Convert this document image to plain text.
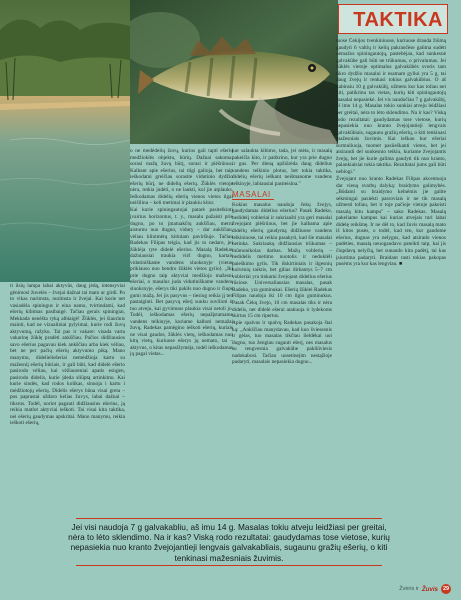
TAKTIKA

ti ilsių lampa labai aktyvūs, daug jėdą, intensyviai gėnimosi žuvelės – žvejai dažnai tai mato ar girdi. Po to vikas nurimsta, nurimsta ir žvejai. Kai kurie net vasiadėla spiningus ir eina namo, tvirtindami, kad ešerių kibimas pasibaigė. Tačiau gerais spiningiai, Mekkada nenėšta ryką albiaigė! Žūklės, jei šiaurinis mainit, kad ne vizualiniai pylyimai, kurie rodi žuvų aktyvumą, ražyku. Tai pas ir vakare: visada varta vakarinę žūklę pradėti ankščiau. Pačios didžiausios savo ešerius pagavau kiek ankščiau arba kiek vėliau, bet ne per pačių ešerių aktyvumo piką. Mano manymu, didelieliešeriai nemėdžioja kartu su mažesniį ešerių būriais, ir gali būti, kad didelė ešerio pasirodo vėliau, kai vėžiaureniai apatis esiųjen, pasirodo didelis, kurie įdeda sliūptą artinkimu. Kai kurie sindės, kad rodos kolikas, sinuoja i kartu i mėdžiotojų ešerių. Didelis ešerys būna visai greta – pos paprastai uždaro kelias žuvys, labai dažnai – tiksrus. Todėl, norint pagauti didžiausius ešerius, ją reikia matlot aktyviai ieškoti. Tai visai kita taktika, nei ešerių gaudymas apskritai. Mano manymu, reikia ieškoti ešerių,

o ne medėdelių žuvų, kurios gali tapti ešerių medžioklės objektu, būrių. Dažnai sakoma: sorasi mažų žuvų būrį, sorasi ir plėšrūnus. Kalbant apie ešerius, tai tiigi galioja, bet taip ieškodami greičiau sorasite vidutinio dydžio ešerių būrį, ne didelių ešerių. Žūklės vietoje nėra, reikia judėti, o ne laukti, kol jie atplauks. Ieškodamas didelių ešerių vienos vietos ilgai neišilinu – keli metimai ir plaukiu kitur.

Kai kurie spiningautojai patarė pasitelkinti įvairius horizontus, t. y., masalu pažaisti prie dugno, po to įmatuakčių aukščiau, metru aisturnu nuo dugno, vidury – dar aukščiau, vėliau klinimėtų kitiniam paviršiuje. Tačiau Radekas Filipas teigia, kad jis to nedaro, jei žūklėja ryte didelė ešerius. Masalą Radekas dažniausiai traukia virš dugno, kartais vidutiniškame vandens sluoksnyje (vietas priklauso nuo bendro žūklės vietos gylio). „Iki prie dugno taip aktyviai medžioja mažesni ešeriai, o masalus juda vidutiniškame vandens sluoksnyje, ešerys tiki pakils nuo dugno ir čiups gumi mažą. Jei jis pasyvus – tiesiog reikia jį ten pastaiginti. Bet pasyvų ešerį sunku suvilioti ir tuo atveju, kai gyvimuos plaukia visai netoli jo. Todėl, ieškodamas ešerių nepažįstamame vandens telkinyje, kuriame kalboti nemažai žuvų, Radekas pamėgino ieškoti ešerių, kuriais ne visai gaudos, žūklės vietų, ieškodamas nuo kitų vietų, kuriuose ešerys jų nemato, tai – aktyvus, o kitas nepasižymėja, todėl ieškodamas jų pagal vietas...

kur salaukta kibimo, tada, jei mėta, ir masalą pakeičia kito, ir patikrino, kur yra prie dugno ir gus. Per dieną apžiūrėda daug didelius vandens telkinio plotus, bet tokia taktika, didelių ešerių ieškant neišmanome vandens telkinyje, labiausiai pasiteisina."

MASALAI

Kokius masalus naudoja čekų žvejys, gaudydamas didelius ešerius? Pasak Radeko, nedidelį vobleriai ir sukriaušti yra geri masalai žvejojant plėšrūnus, bet jie kalbama apie didelių ešerių gaudymą didžiuose vandens telkiniuose, tai reikia pasakyti, kad šie masalai netinka. Sukriaukų didžiausias trūkumas – mūmonikolas darbas. Mažų voblerių – nedidelis metimo nuotolis ir neduklėli paieškimo gylis. Tik išskirtiniais ir ilgesnių kolvėnių taiktis, bet gilias dirbantys 5–7 cm vobleriai yra tinkami žvejojant didelius ešerius rūsiose. Universaliausias masalas, pasak Radeko, yra guminukai. Ešerių žūklei Radekas Filipas naudoja iki 10 cm ilgio guminukus. Pasak Čekų žvejo, 10 cm masalas tiks ir nėra didelis, net didelė ešerai atakuoja ir lydekoms skirtus 15 cm ripertus.

Apie spalvas ir spalvų Radekas pasakoja štai ką: „Ankščiau manydavau, kad kuo šviesesnis ir gėlas, tuo masalas tikčiau lieldėkai uoi dugno, tuo žengiau sugauti ešerį, nes masalus su tengvesnia galvakūbe pakliūviesis nadokabosi. Tačiau uosetinejim nestąžioje padaryti, masalais nepasiekia dugno...

tuose Čekijos tvenkiniuose, kuriuose drauda žiūmą gaudyti 6 valtių ir kelių pakrančėse galima sudėti nėmažus spiningautojų, pastebėjau, kad sunkesnė galvakūbe gali būti ne trūkumas, o privalumas. Jei žūklės vietoje optimalus galvakūbės svoris tam tikro dydžio masalui ir esamam gyliui yra 5 g, tai daug žvejų ir renkasi tokius galvakūbius. O aš kabinsiu 10 g galvakūbį, užmetu kur kas toliau nei kiti, patikrinu tas vietas, kurių kiti spiningautojų masalai nepasiekė. Jei vis naudočiau 7 g galvakūbį, aš imu 14 g. Masalas tokio sunkiai atveju leidžiasi per greitai, nėra to lėto sklendimo. Na ir kas? Viską rodo rezultatai: gaudydamas tose vietose, kurių nepasiekia nuo kranto žvejojantieji lengvais galvakūbiais, sugaunu gražių ešerių, o kiti tenkinasi mažesniais žuvimis. Kai ieškau kur ešeriai šurmuliuoja, tuomet pasiieškanti vietos, bet jei atsirandi del sunkesnio teikiu, kuriame žvejojantis žvejų, bet jie kurie galima gaudyti tik nuo kranto, palankiaisiai tokia taktika. Rezultatai jums gali būti neblogi."

Žvejojant nuo kranto Radekas Filipas akcentuoja dar vieną svarbų dalyką: braidymo galimybės. „Būdami su braidymo kelnėmis jie galite sėkmingai pasiekti pasroviais ir ne tik masalą užmesti toliau, bet ir toje pačioje vietoje pakeisti masalą kitu kampu" – sako Radekas. Masalą pakeliame kampus kai kurias atvejais turi labai didelę reikšmę. Ir ne dėl to, kad žuvis masalą mato iš kitos pusės, o todėl, kad ten, kur gaudome ešerius, dugnas yra nelygus, kad atsirado vienos padėties, masalą neuogaudavo pateikti taip, kai jis čiupdavų nelyčią, bet sunaudo kita padėtį, tai kas įsiurtima padaryti. Braidant rasti tokias pakopas pusėms yra kur kas lengviau. ■

Jei visi naudoja 7 g galvakabliu, aš imu 14 g. Masalas tokiu atveju leidžiasi per greitai, nėra to lėto sklendimo. Na ir kas? Viską rodo rezultatai: gaudydamas tose vietose, kurių nepasiekia nuo kranto žvejojantieji lengvais galvakabliais, sugaunu gražių ešerių, o kiti tenkinasi mažesniais žuvimis.

Žvėris ir Žuvis 29
